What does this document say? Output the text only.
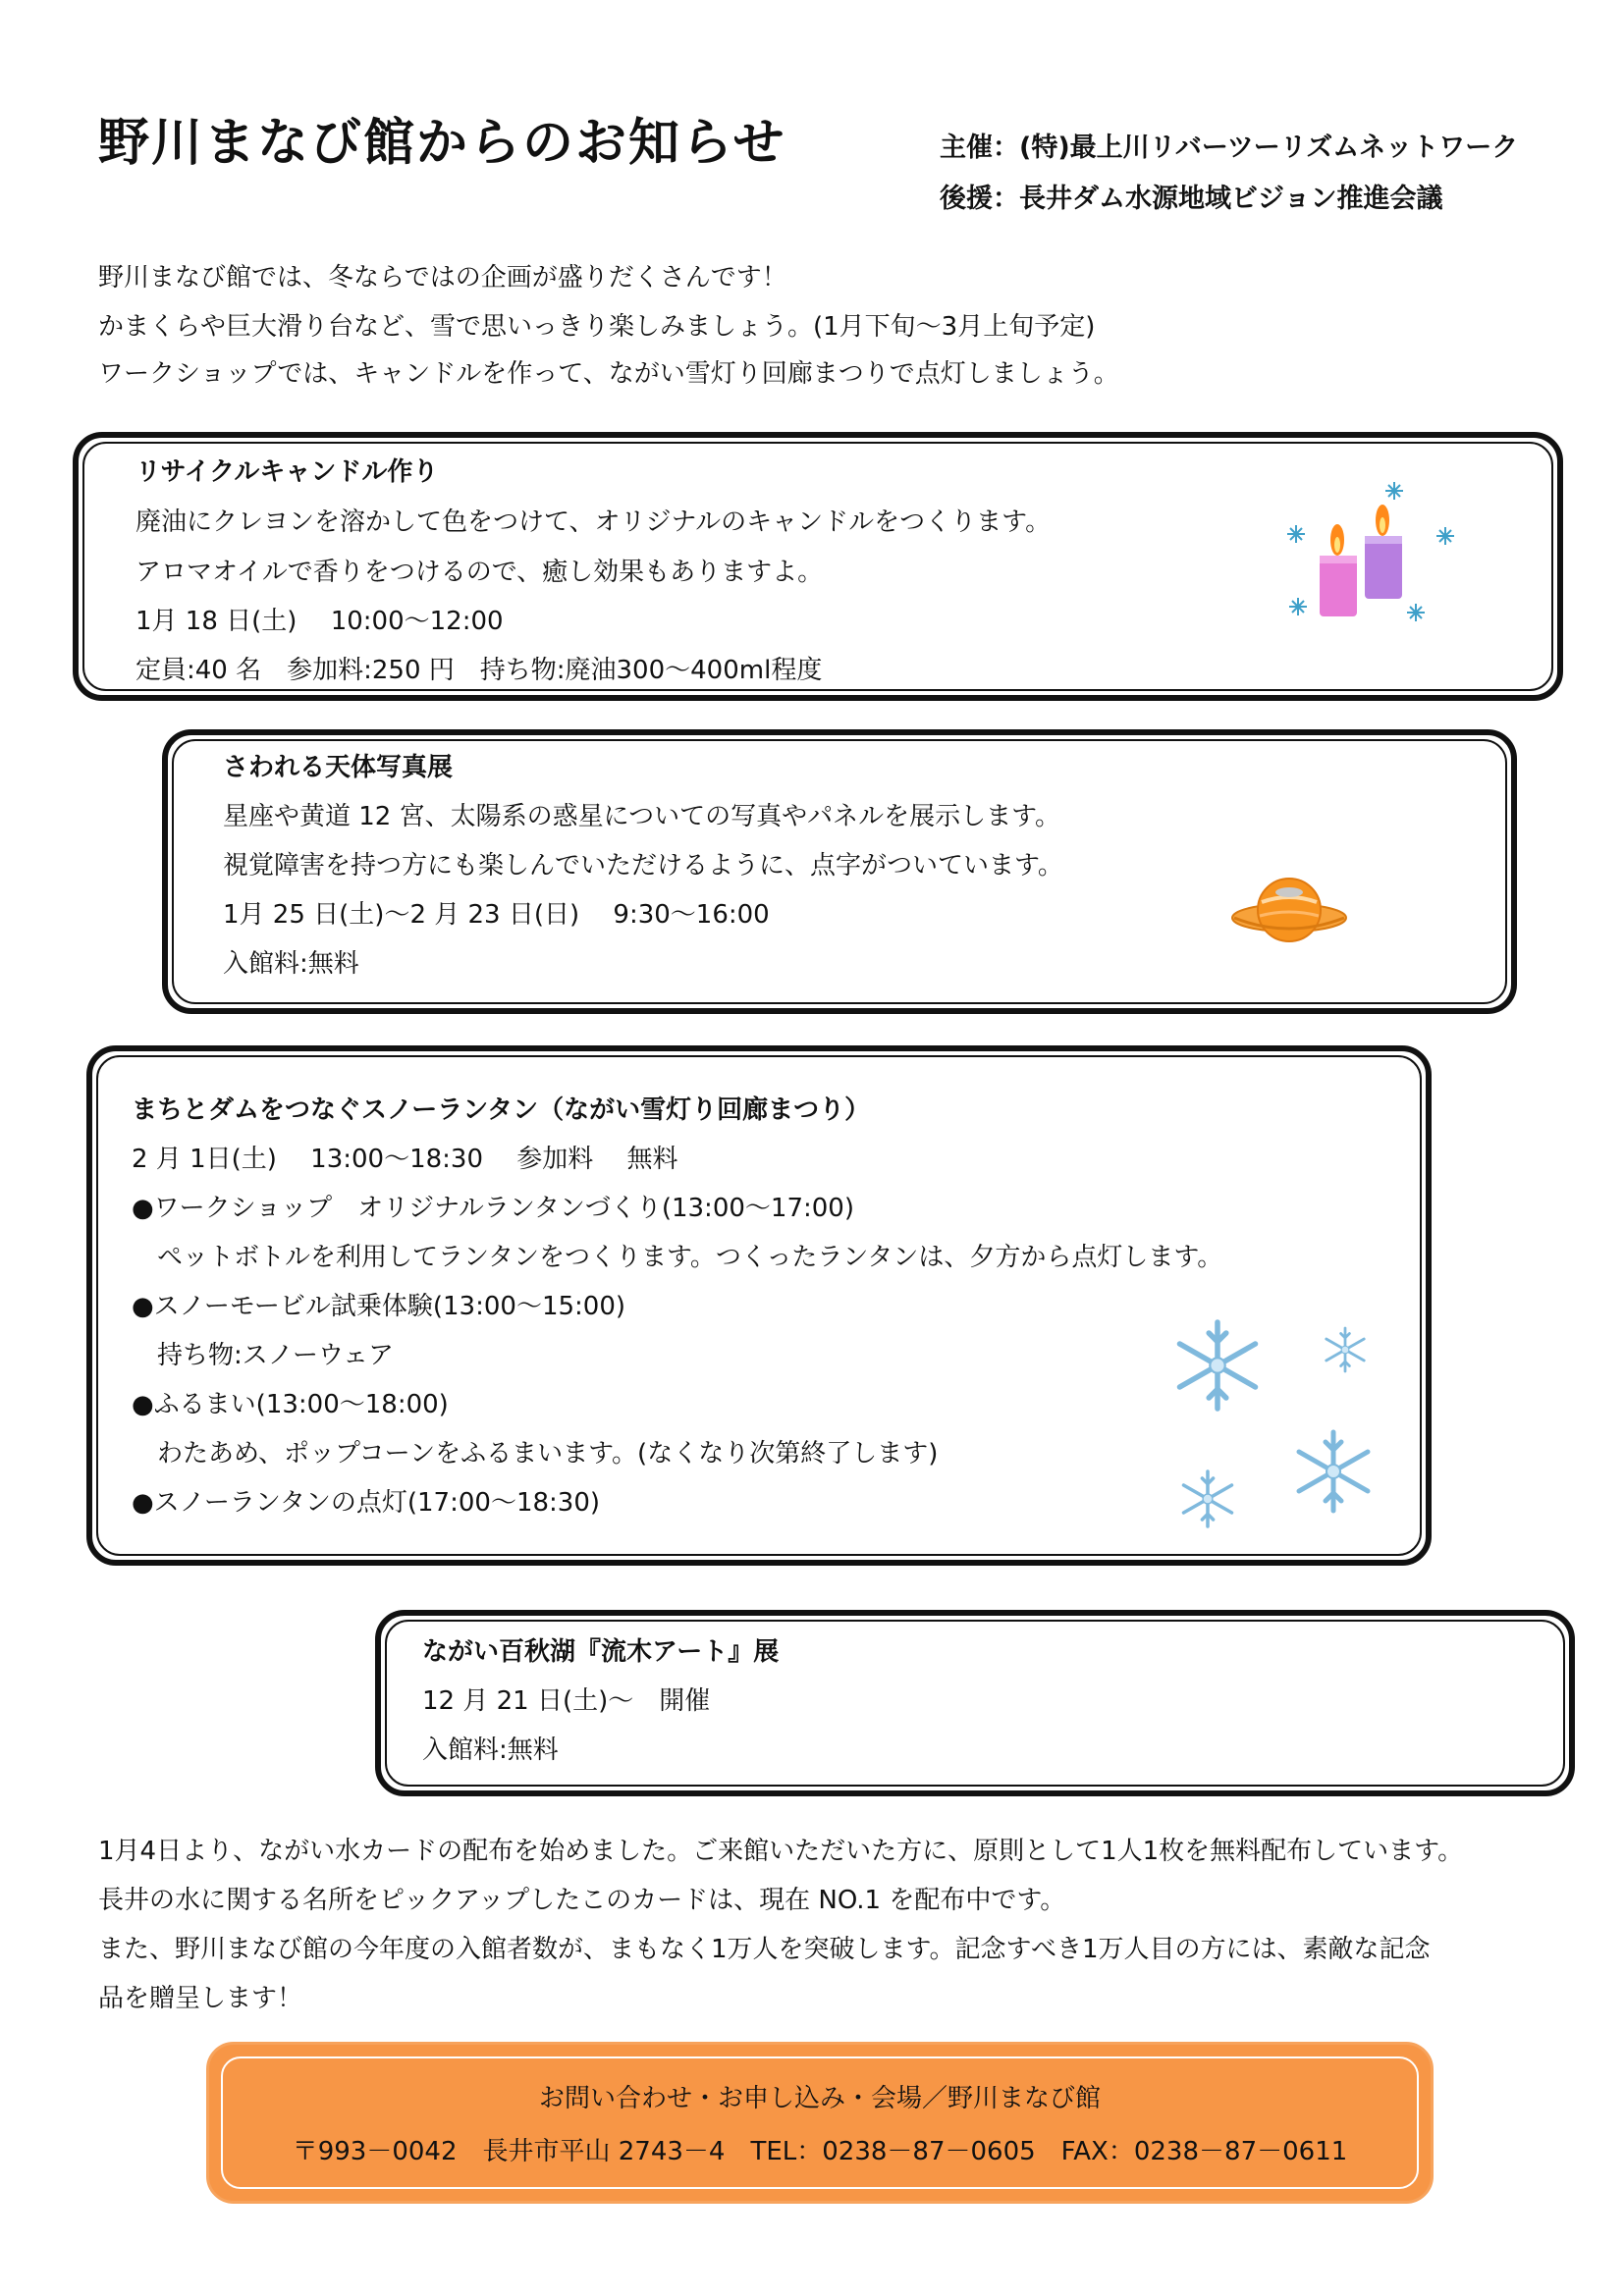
野川まなび館からのお知らせ	主催：(特)最上川リバーツーリズムネットワーク
後援：長井ダム水源地域ビジョン推進会議
野川まなび館では、冬ならではの企画が盛りだくさんです！
かまくらや巨大滑り台など、雪で思いっきり楽しみましょう。(1月下旬～3月上旬予定)
ワークショップでは、キャンドルを作って、ながい雪灯り回廊まつりで点灯しましょう。
リサイクルキャンドル作り
廃油にクレヨンを溶かして色をつけて、オリジナルのキャンドルをつくります。
アロマオイルで香りをつけるので、癒し効果もありますよ。
1月 18 日(土)　 10:00～12:00
定員:40 名　参加料:250 円　持ち物:廃油300～400ml程度
さわれる天体写真展
星座や黄道 12 宮、太陽系の惑星についての写真やパネルを展示します。
視覚障害を持つ方にも楽しんでいただけるように、点字がついています。
1月 25 日(土)～2 月 23 日(日)　 9:30～16:00
入館料:無料
まちとダムをつなぐスノーランタン（ながい雪灯り回廊まつり）
2 月 1日(土)　 13:00～18:30　 参加料　 無料
●ワークショップ　オリジナルランタンづくり(13:00～17:00)
　ペットボトルを利用してランタンをつくります。つくったランタンは、夕方から点灯します。
●スノーモービル試乗体験(13:00～15:00)
　持ち物:スノーウェア
●ふるまい(13:00～18:00)
　わたあめ、ポップコーンをふるまいます。(なくなり次第終了します)
●スノーランタンの点灯(17:00～18:30)
ながい百秋湖『流木アート』展
12 月 21 日(土)～　開催
入館料:無料
1月4日より、ながい水カードの配布を始めました。ご来館いただいた方に、原則として1人1枚を無料配布しています。
長井の水に関する名所をピックアップしたこのカードは、現在 NO.1 を配布中です。
また、野川まなび館の今年度の入館者数が、まもなく1万人を突破します。記念すべき1万人目の方には、素敵な記念
品を贈呈します！
お問い合わせ・お申し込み・会場／野川まなび館
〒993－0042　長井市平山 2743－4　TEL：0238－87－0605　FAX：0238－87－0611
